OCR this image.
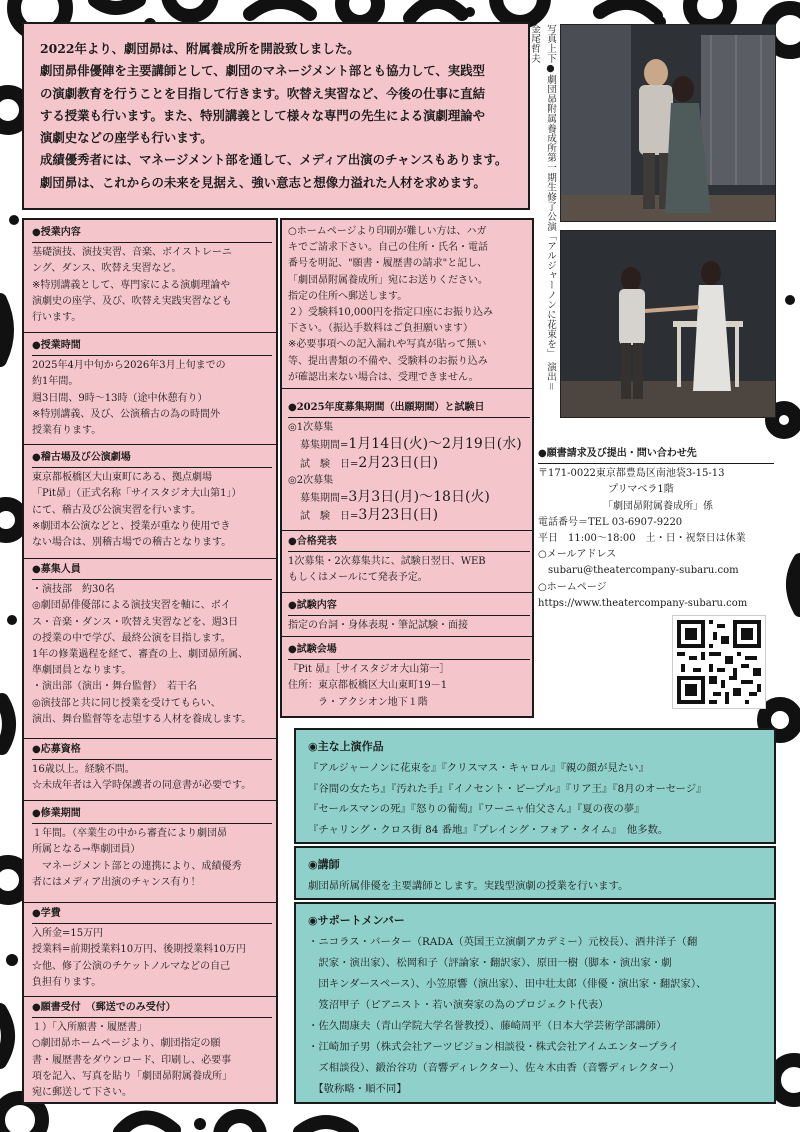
2022年より、劇団昴は、附属養成所を開設致しました。

劇団昴俳優陣を主要講師として、劇団のマネージメント部とも協力して、実践型

の演劇教育を行うことを目指して行きます。吹替え実習など、今後の仕事に直結

する授業も行います。また、特別講義として様々な専門の先生による演劇理論や

演劇史などの座学も行います。

成績優秀者には、マネージメント部を通して、メディア出演のチャンスもあります。

劇団昴は、これからの未来を見据え、強い意志と想像力溢れた人材を求めます。	写真上下●劇団昴附属養成所第一期生修了公演「アルジャーノンに花束を」 演出＝金尾哲夫
●授業内容
基礎演技、演技実習、音楽、ボイストレーニ
ング、ダンス、吹替え実習など。
※特別講義として、専門家による演劇理論や
演劇史の座学、及び、吹替え実践実習なども
行います。
●授業時間
2025年4月中旬から2026年3月上旬までの
約1年間。
週3日間、9時〜13時（途中休憩有り）
※特別講義、及び、公演稽古の為の時間外
授業有ります。
●稽古場及び公演劇場
東京都板橋区大山東町にある、拠点劇場
「Pit昴」（正式名称「サイスタジオ大山第1」）
にて、稽古及び公演実習を行います。
※劇団本公演などと、授業が重なり使用でき
ない場合は、別稽古場での稽古となります。
●募集人員
・演技部　約30名
◎劇団昴俳優部による演技実習を軸に、ボイ
ス・音楽・ダンス・吹替え実習などを、週3日
の授業の中で学び、最終公演を目指します。
1年の修業過程を経て、審査の上、劇団昴所属、
準劇団員となります。
・演出部（演出・舞台監督）　若干名
◎演技部と共に同じ授業を受けてもらい、
演出、舞台監督等を志望する人材を養成します。
●応募資格
16歳以上。経験不問。
☆未成年者は入学時保護者の同意書が必要です。
●修業期間
１年間。（卒業生の中から審査により劇団昴
所属となる→準劇団員）
　マネージメント部との連携により、成績優秀
者にはメディア出演のチャンス有り！
●学費
入所金=15万円
授業料=前期授業料10万円、後期授業料10万円
☆他、修了公演のチケットノルマなどの自己
負担有ります。
●願書受付　（郵送でのみ受付）
１）「入所願書・履歴書」
○劇団昴ホームページより、劇団指定の願
書・履歴書をダウンロード、印刷し、必要事
項を記入、写真を貼り「劇団昴附属養成所」
宛に郵送して下さい。
○ホームページより印刷が難しい方は、ハガ
キでご請求下さい。自己の住所・氏名・電話
番号を明記、"願書・履歴書の請求"と記し、
「劇団昴附属養成所」宛にお送りください。
指定の住所へ郵送します。
２）受験料10,000円を指定口座にお振り込み
下さい。（振込手数料はご負担願います）
※必要事項への記入漏れや写真が貼って無い
等、提出書類の不備や、受験料のお振り込み
が確認出来ない場合は、受理できません。
●2025年度募集期間（出願期間）と試験日
◎1次募集
募集期間=1月14日(火)〜2月19日(水)
試　験　日=2月23日(日)
◎2次募集
募集期間=3月3日(月)〜18日(火)
試　験　日=3月23日(日)
●合格発表
1次募集・2次募集共に、試験日翌日、WEB
もしくはメールにて発表予定。
●試験内容
指定の台詞・身体表現・筆記試験・面接
●試験会場
『Pit 昴』［サイスタジオ大山第一］
住所：東京都板橋区大山東町19－1
　　　ラ・アクシオン地下１階
●願書請求及び提出・問い合わせ先
〒171-0022東京都豊島区南池袋3-15-13
　　　　　　　プリマベラ1階
　　　　　　　「劇団昴附属養成所」係
電話番号＝TEL 03-6907-9220
平日　11:00〜18:00　土・日・祝祭日は休業
○メールアドレス
　subaru@theatercompany-subaru.com
○ホームページ
https://www.theatercompany-subaru.com
◉主な上演作品
『アルジャーノンに花束を』『クリスマス・キャロル』『親の顔が見たい』
『谷間の女たち』『汚れた手』『イノセント・ピープル』『リア王』『8月のオーセージ』
『セールスマンの死』『怒りの葡萄』『ワーニャ伯父さん』『夏の夜の夢』
『チャリング・クロス街 84 番地』『ブレイング・フォア・タイム』　他多数。
◉講師
劇団昴所属俳優を主要講師とします。実践型演劇の授業を行います。
◉サポートメンバー
・ニコラス・バーター（RADA（英国王立演劇アカデミー）元校長）、酒井洋子（翻
　訳家・演出家）、松岡和子（評論家・翻訳家）、原田一樹（脚本・演出家・劇
　団キンダースペース）、小笠原響（演出家）、田中壮太郎（俳優・演出家・翻訳家）、
　笈沼甲子（ピアニスト・若い演奏家の為のプロジェクト代表）
・佐久間康夫（青山学院大学名誉教授）、藤崎周平（日本大学芸術学部講師）
・江崎加子男（株式会社アーツビジョン相談役・株式会社アイムエンタープライ
　ズ相談役）、鍛治谷功（音響ディレクター）、佐々木由香（音響ディレクター）
　【敬称略・順不同】
